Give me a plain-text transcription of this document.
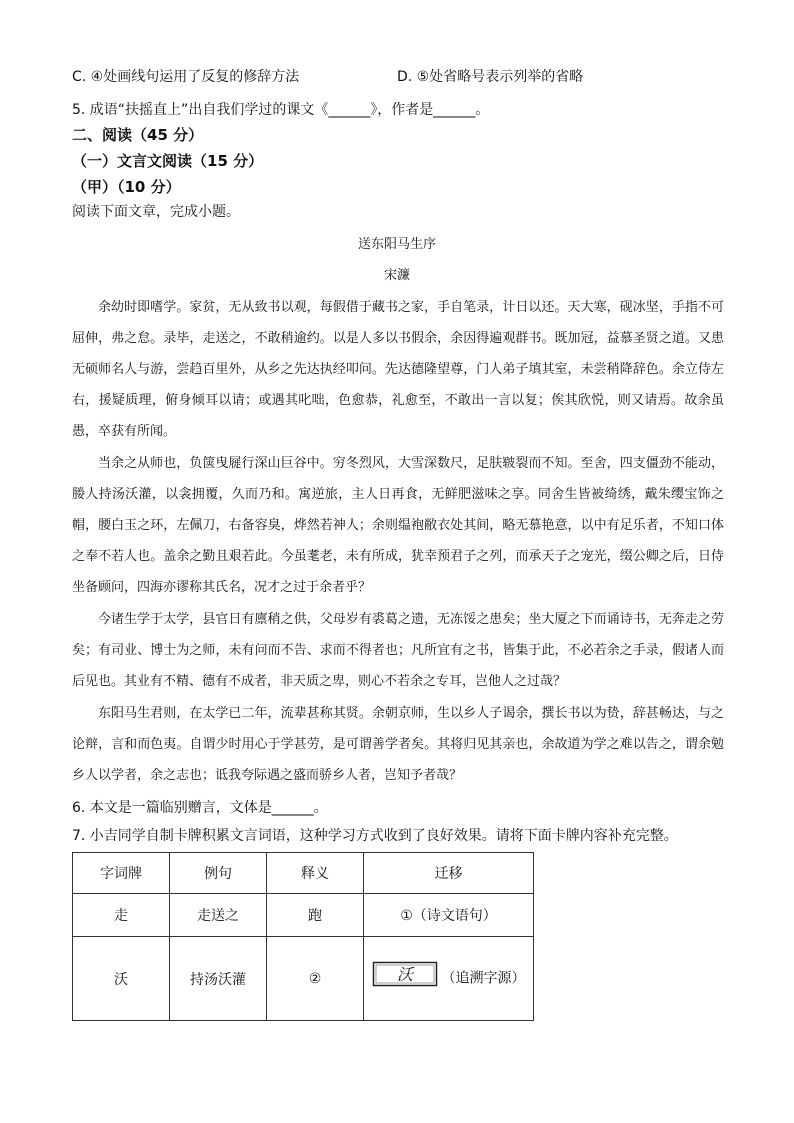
C. ④处画线句运用了反复的修辞方法	D. ⑤处省略号表示列举的省略
5. 成语“扶摇直上”出自我们学过的课文《______》，作者是______。
二、阅读（45 分）
（一）文言文阅读（15 分）
（甲）（10 分）
阅读下面文章，完成小题。
送东阳马生序
宋濂

余幼时即嗜学。家贫，无从致书以观，每假借于藏书之家，手自笔录，计日以还。天大寒，砚冰坚，手指不可屈伸，弗之怠。录毕，走送之，不敢稍逾约。以是人多以书假余，余因得遍观群书。既加冠，益慕圣贤之道。又患无硕师名人与游，尝趋百里外，从乡之先达执经叩问。先达德隆望尊，门人弟子填其室，未尝稍降辞色。余立侍左右，援疑质理，俯身倾耳以请；或遇其叱咄，色愈恭，礼愈至，不敢出一言以复；俟其欣悦，则又请焉。故余虽愚，卒获有所闻。

当余之从师也，负箧曳屣行深山巨谷中。穷冬烈风，大雪深数尺，足肤皲裂而不知。至舍，四支僵劲不能动，媵人持汤沃灌，以衾拥覆，久而乃和。寓逆旅，主人日再食，无鲜肥滋味之享。同舍生皆被绮绣，戴朱缨宝饰之帽，腰白玉之环，左佩刀，右备容臭，烨然若神人；余则缊袍敝衣处其间，略无慕艳意，以中有足乐者，不知口体之奉不若人也。盖余之勤且艰若此。今虽耄老，未有所成，犹幸预君子之列，而承天子之宠光，缀公卿之后，日侍坐备顾问，四海亦谬称其氏名，况才之过于余者乎？

今诸生学于太学，县官日有廪稍之供，父母岁有裘葛之遗，无冻馁之患矣；坐大厦之下而诵诗书，无奔走之劳矣；有司业、博士为之师，未有问而不告、求而不得者也；凡所宜有之书，皆集于此，不必若余之手录，假诸人而后见也。其业有不精、德有不成者，非天质之卑，则心不若余之专耳，岂他人之过哉？

东阳马生君则，在太学已二年，流辈甚称其贤。余朝京师，生以乡人子谒余，撰长书以为贽，辞甚畅达，与之论辩，言和而色夷。自谓少时用心于学甚劳，是可谓善学者矣。其将归见其亲也，余故道为学之难以告之，谓余勉乡人以学者，余之志也；诋我夸际遇之盛而骄乡人者，岂知予者哉？

6. 本文是一篇临别赠言，文体是______。
7. 小吉同学自制卡牌积累文言词语，这种学习方式收到了良好效果。请将下面卡牌内容补充完整。
字词牌	例句	释义	迁移
走	走送之	跑	①（诗文语句）
沃	持汤沃灌	②	沃 （追溯字源）
